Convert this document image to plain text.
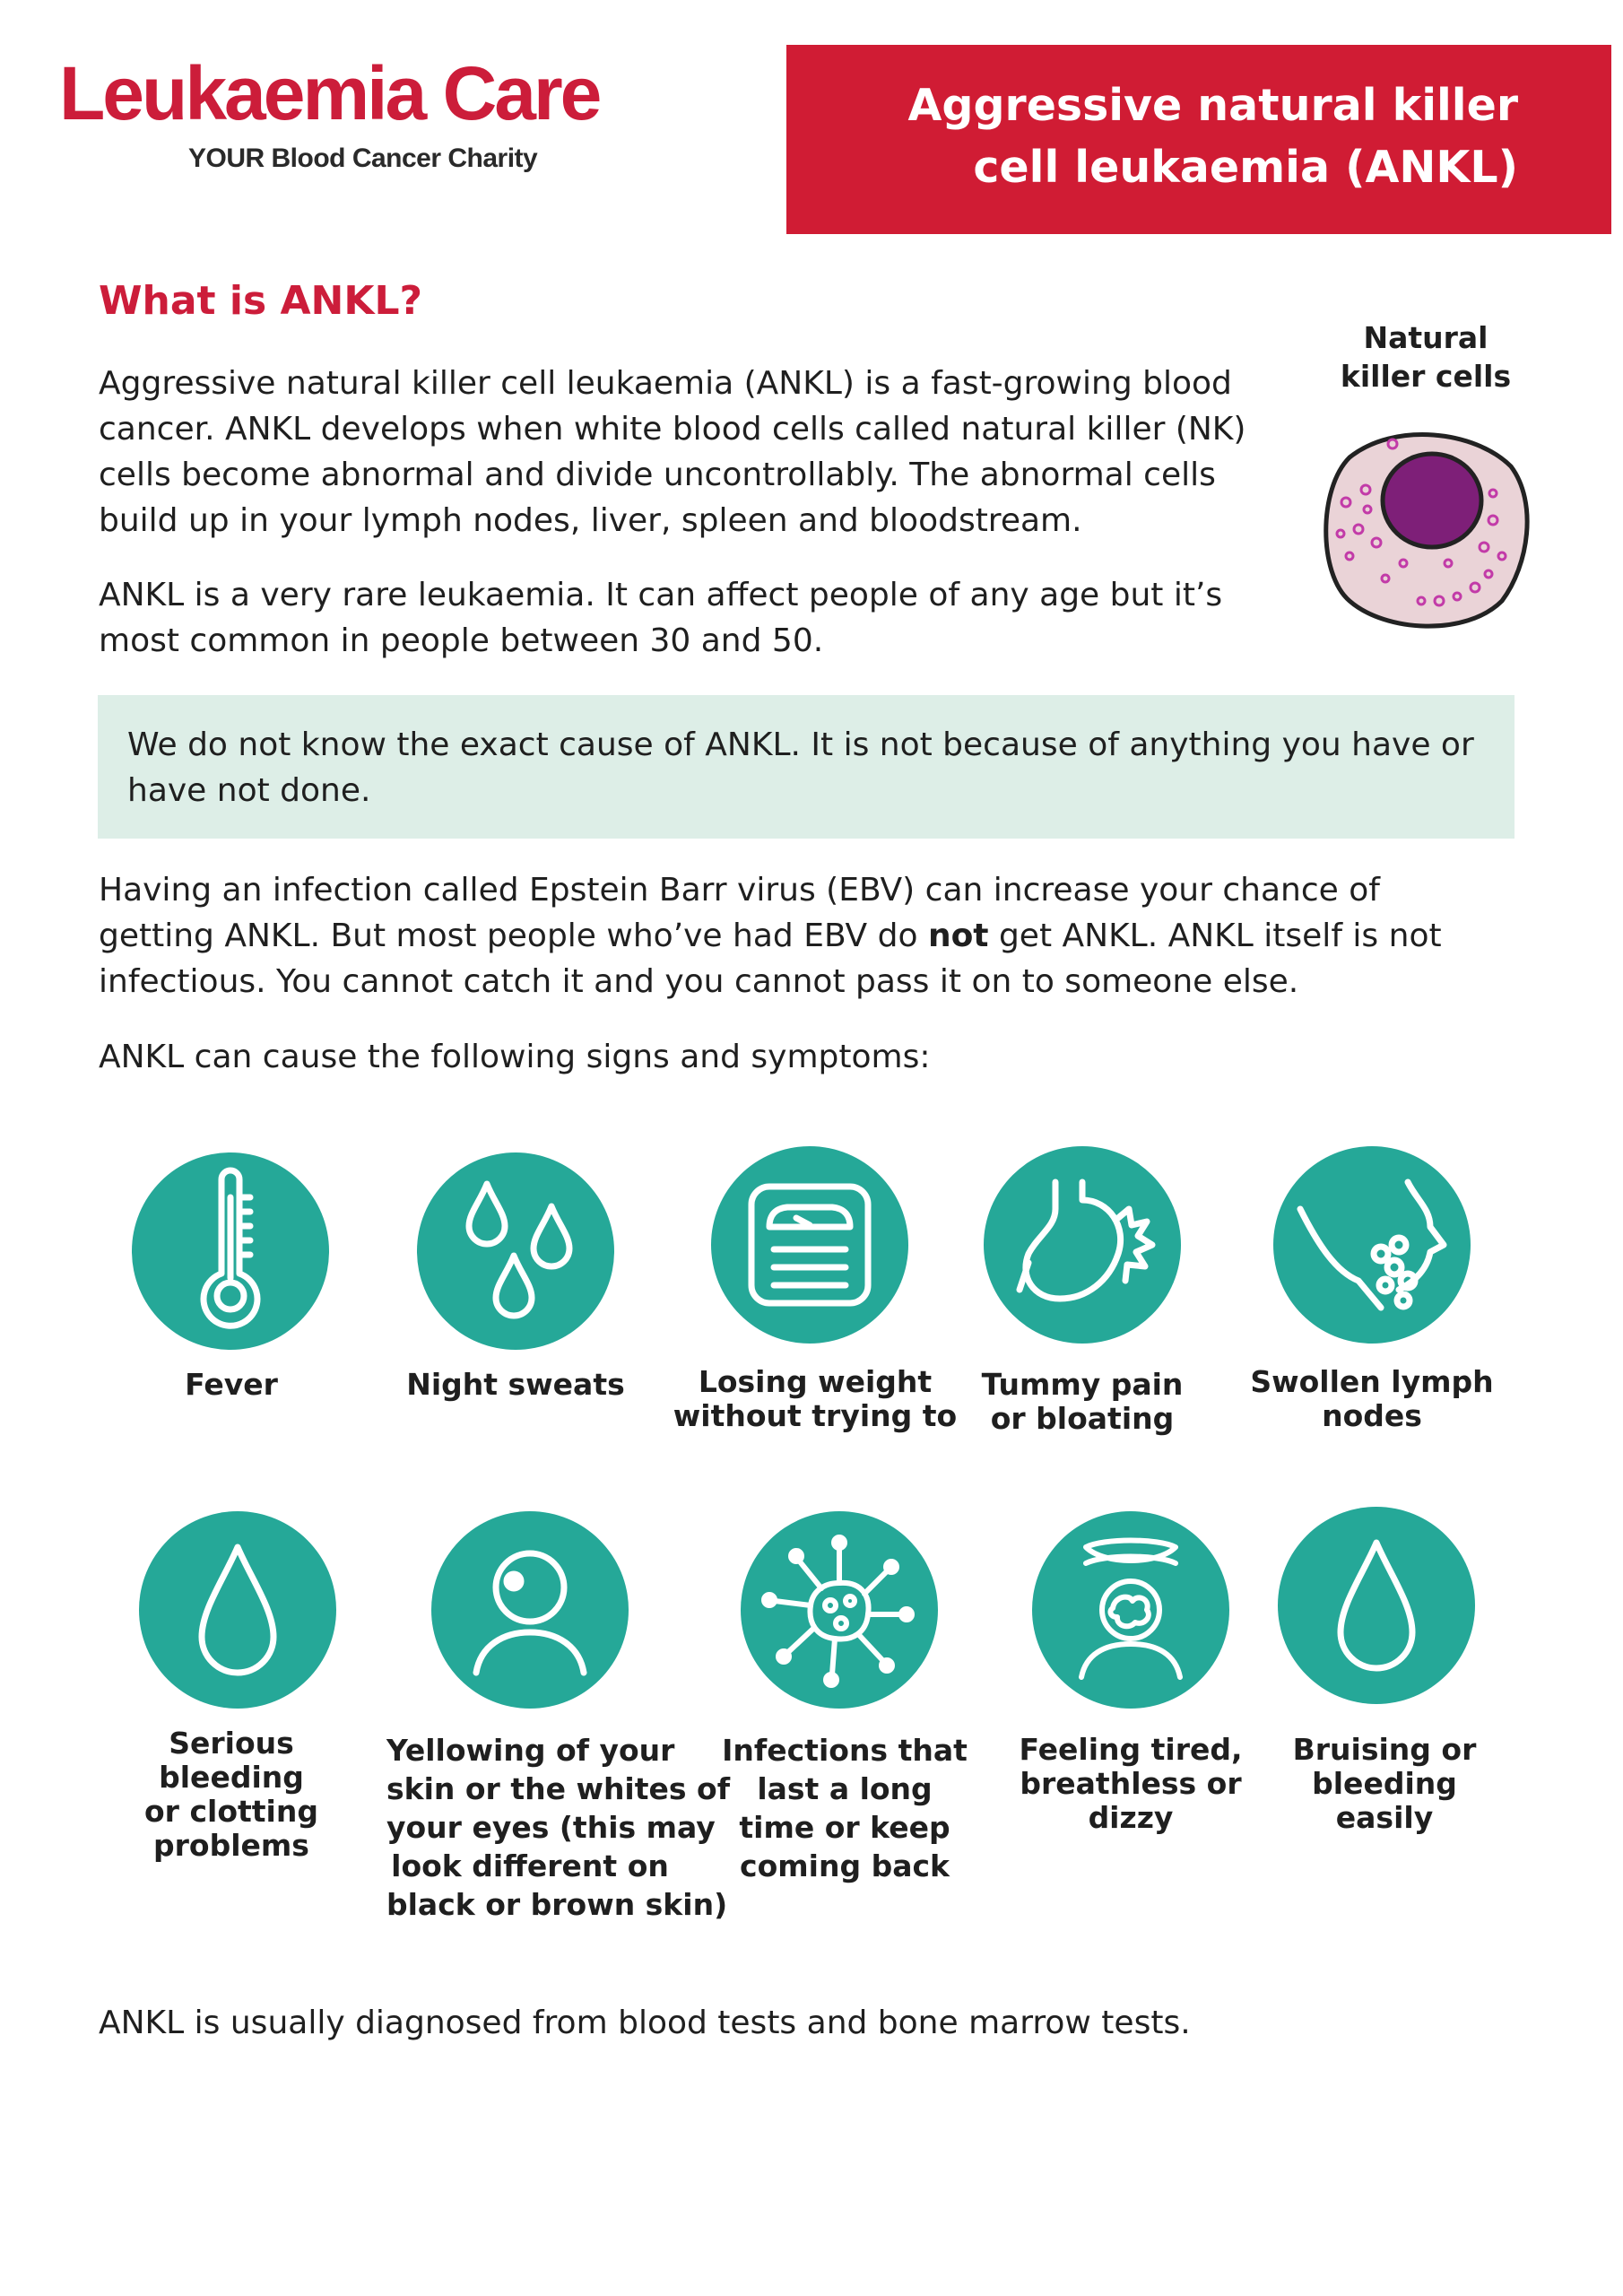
Leukaemia Care
YOUR Blood Cancer Charity
Aggressive natural killer
cell leukaemia (ANKL)
What is ANKL?
Aggressive natural killer cell leukaemia (ANKL) is a fast-growing blood
cancer. ANKL develops when white blood cells called natural killer (NK)
cells become abnormal and divide uncontrollably. The abnormal cells
build up in your lymph nodes, liver, spleen and bloodstream.
ANKL is a very rare leukaemia. It can affect people of any age but it’s
most common in people between 30 and 50.
Natural
killer cells
We do not know the exact cause of ANKL. It is not because of anything you have or
have not done.
Having an infection called Epstein Barr virus (EBV) can increase your chance of
getting ANKL. But most people who’ve had EBV do not get ANKL. ANKL itself is not
infectious. You cannot catch it and you cannot pass it on to someone else.
ANKL can cause the following signs and symptoms:
Fever	Night sweats	Losing weight
without trying to
Tummy pain
or bloating
Swollen lymph
nodes
Serious
bleeding
or clotting
problems
Yellowing of your
skin or the whites of
your eyes (this may
look different on
black or brown skin)
Infections that
last a long
time or keep
coming back
Feeling tired,
breathless or
dizzy
Bruising or
bleeding
easily
ANKL is usually diagnosed from blood tests and bone marrow tests.
